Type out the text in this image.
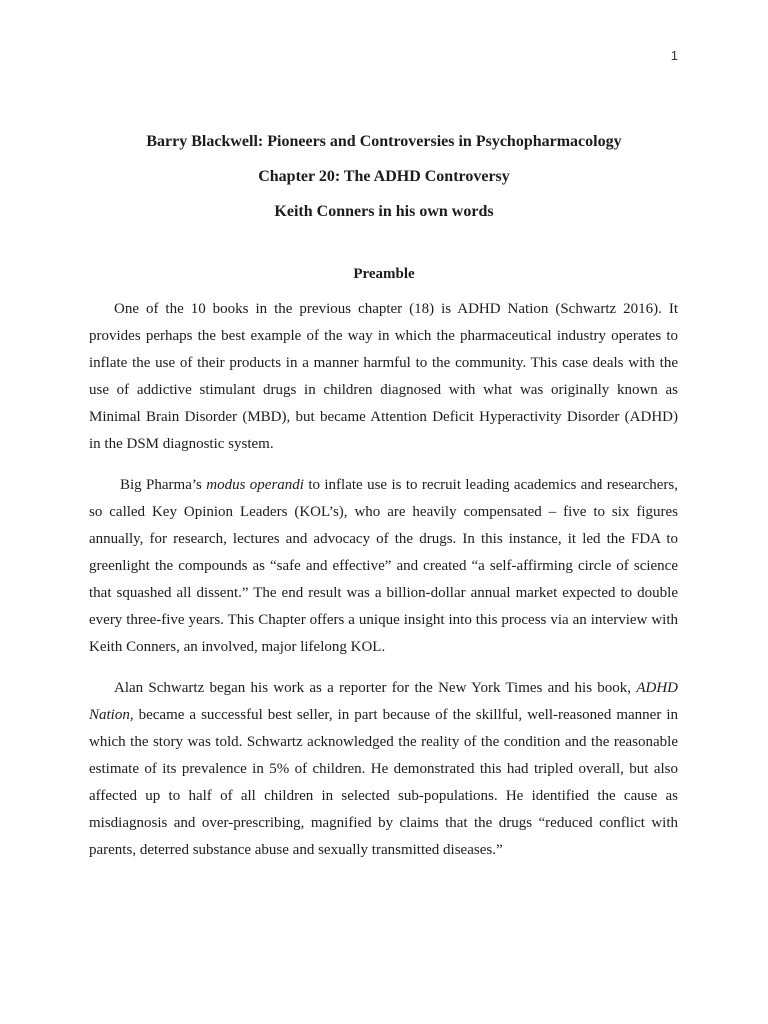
1
Barry Blackwell: Pioneers and Controversies in Psychopharmacology
Chapter 20: The ADHD Controversy
Keith Conners in his own words
Preamble

One of the 10 books in the previous chapter (18) is ADHD Nation (Schwartz 2016). It provides perhaps the best example of the way in which the pharmaceutical industry operates to inflate the use of their products in a manner harmful to the community. This case deals with the use of addictive stimulant drugs in children diagnosed with what was originally known as Minimal Brain Disorder (MBD), but became Attention Deficit Hyperactivity Disorder (ADHD) in the DSM diagnostic system.

Big Pharma’s modus operandi to inflate use is to recruit leading academics and researchers, so called Key Opinion Leaders (KOL’s), who are heavily compensated – five to six figures annually, for research, lectures and advocacy of the drugs. In this instance, it led the FDA to greenlight the compounds as “safe and effective” and created “a self-affirming circle of science that squashed all dissent.” The end result was a billion-dollar annual market expected to double every three-five years. This Chapter offers a unique insight into this process via an interview with Keith Conners, an involved, major lifelong KOL.

Alan Schwartz began his work as a reporter for the New York Times and his book, ADHD Nation, became a successful best seller, in part because of the skillful, well-reasoned manner in which the story was told. Schwartz acknowledged the reality of the condition and the reasonable estimate of its prevalence in 5% of children. He demonstrated this had tripled overall, but also affected up to half of all children in selected sub-populations. He identified the cause as misdiagnosis and over-prescribing, magnified by claims that the drugs “reduced conflict with parents, deterred substance abuse and sexually transmitted diseases.”
